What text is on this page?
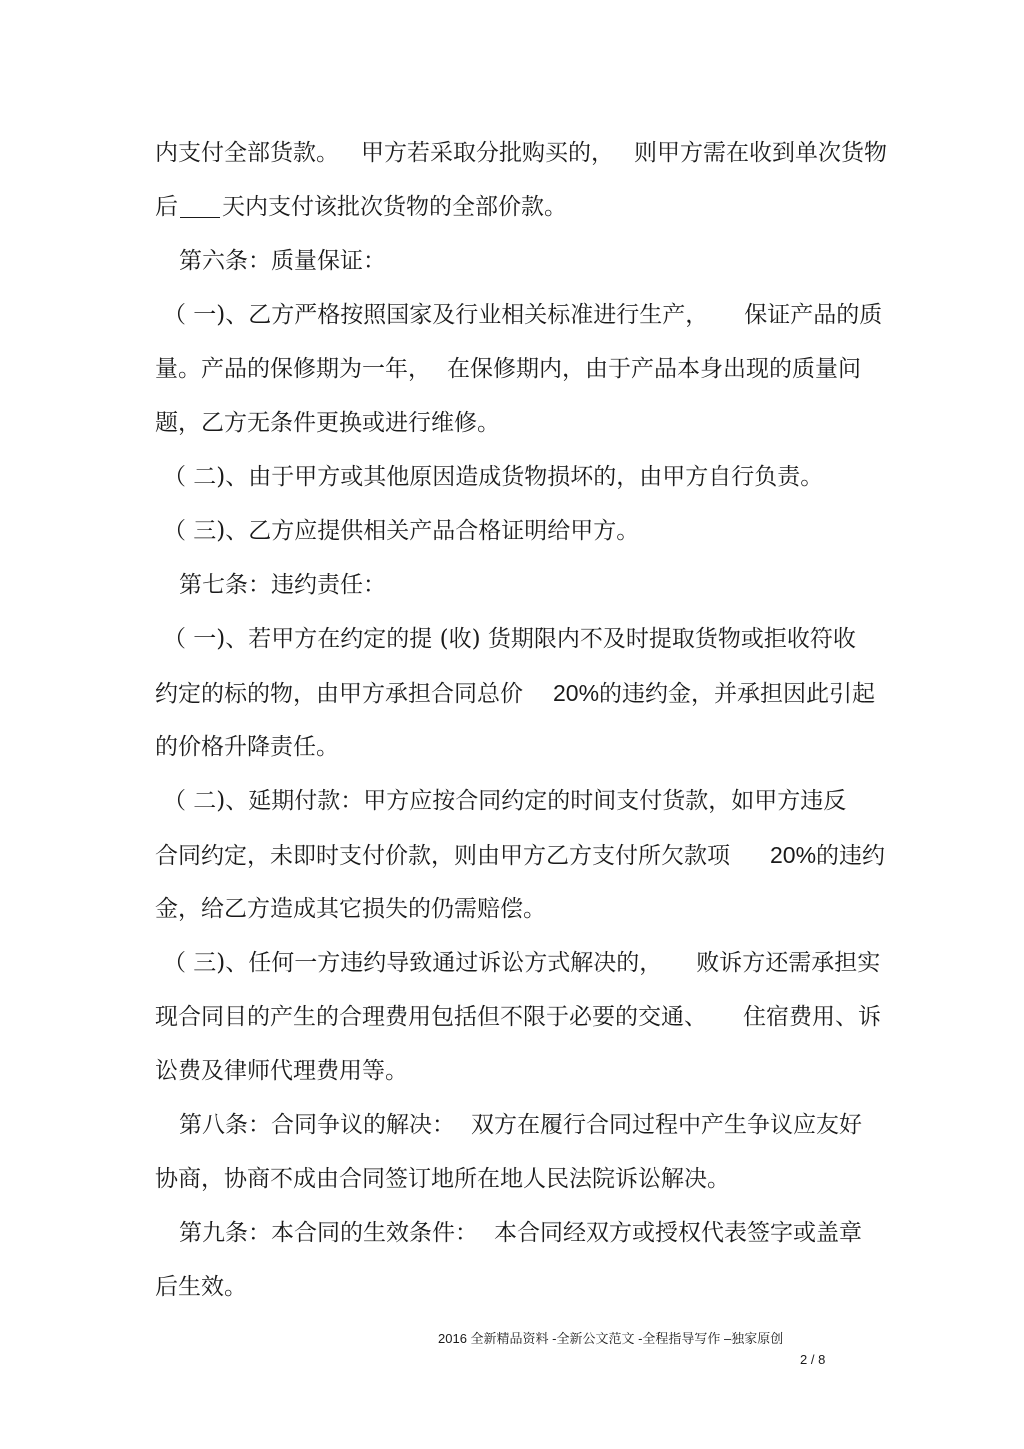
内支付全部货款。 甲方若采取分批购买的， 则甲方需在收到单次货物
后 天内支付该批次货物的全部价款。
第六条：质量保证：
（ 一)、乙方严格按照国家及行业相关标准进行生产， 保证产品的质
量。产品的保修期为一年， 在保修期内，由于产品本身出现的质量问
题，乙方无条件更换或进行维修。
（ 二)、由于甲方或其他原因造成货物损坏的，由甲方自行负责。
（ 三)、乙方应提供相关产品合格证明给甲方。
第七条：违约责任：
（ 一)、若甲方在约定的提 (收) 货期限内不及时提取货物或拒收符收
约定的标的物，由甲方承担合同总价 20%的违约金，并承担因此引起
的价格升降责任。
（ 二)、延期付款：甲方应按合同约定的时间支付货款，如甲方违反
合同约定，未即时支付价款，则由甲方乙方支付所欠款项 20%的违约
金，给乙方造成其它损失的仍需赔偿。
（ 三)、任何一方违约导致通过诉讼方式解决的， 败诉方还需承担实
现合同目的产生的合理费用包括但不限于必要的交通、 住宿费用、诉
讼费及律师代理费用等。
第八条：合同争议的解决： 双方在履行合同过程中产生争议应友好
协商，协商不成由合同签订地所在地人民法院诉讼解决。
第九条：本合同的生效条件： 本合同经双方或授权代表签字或盖章
后生效。
2016 全新精品资料 -全新公文范文 -全程指导写作 –独家原创
2 / 8
